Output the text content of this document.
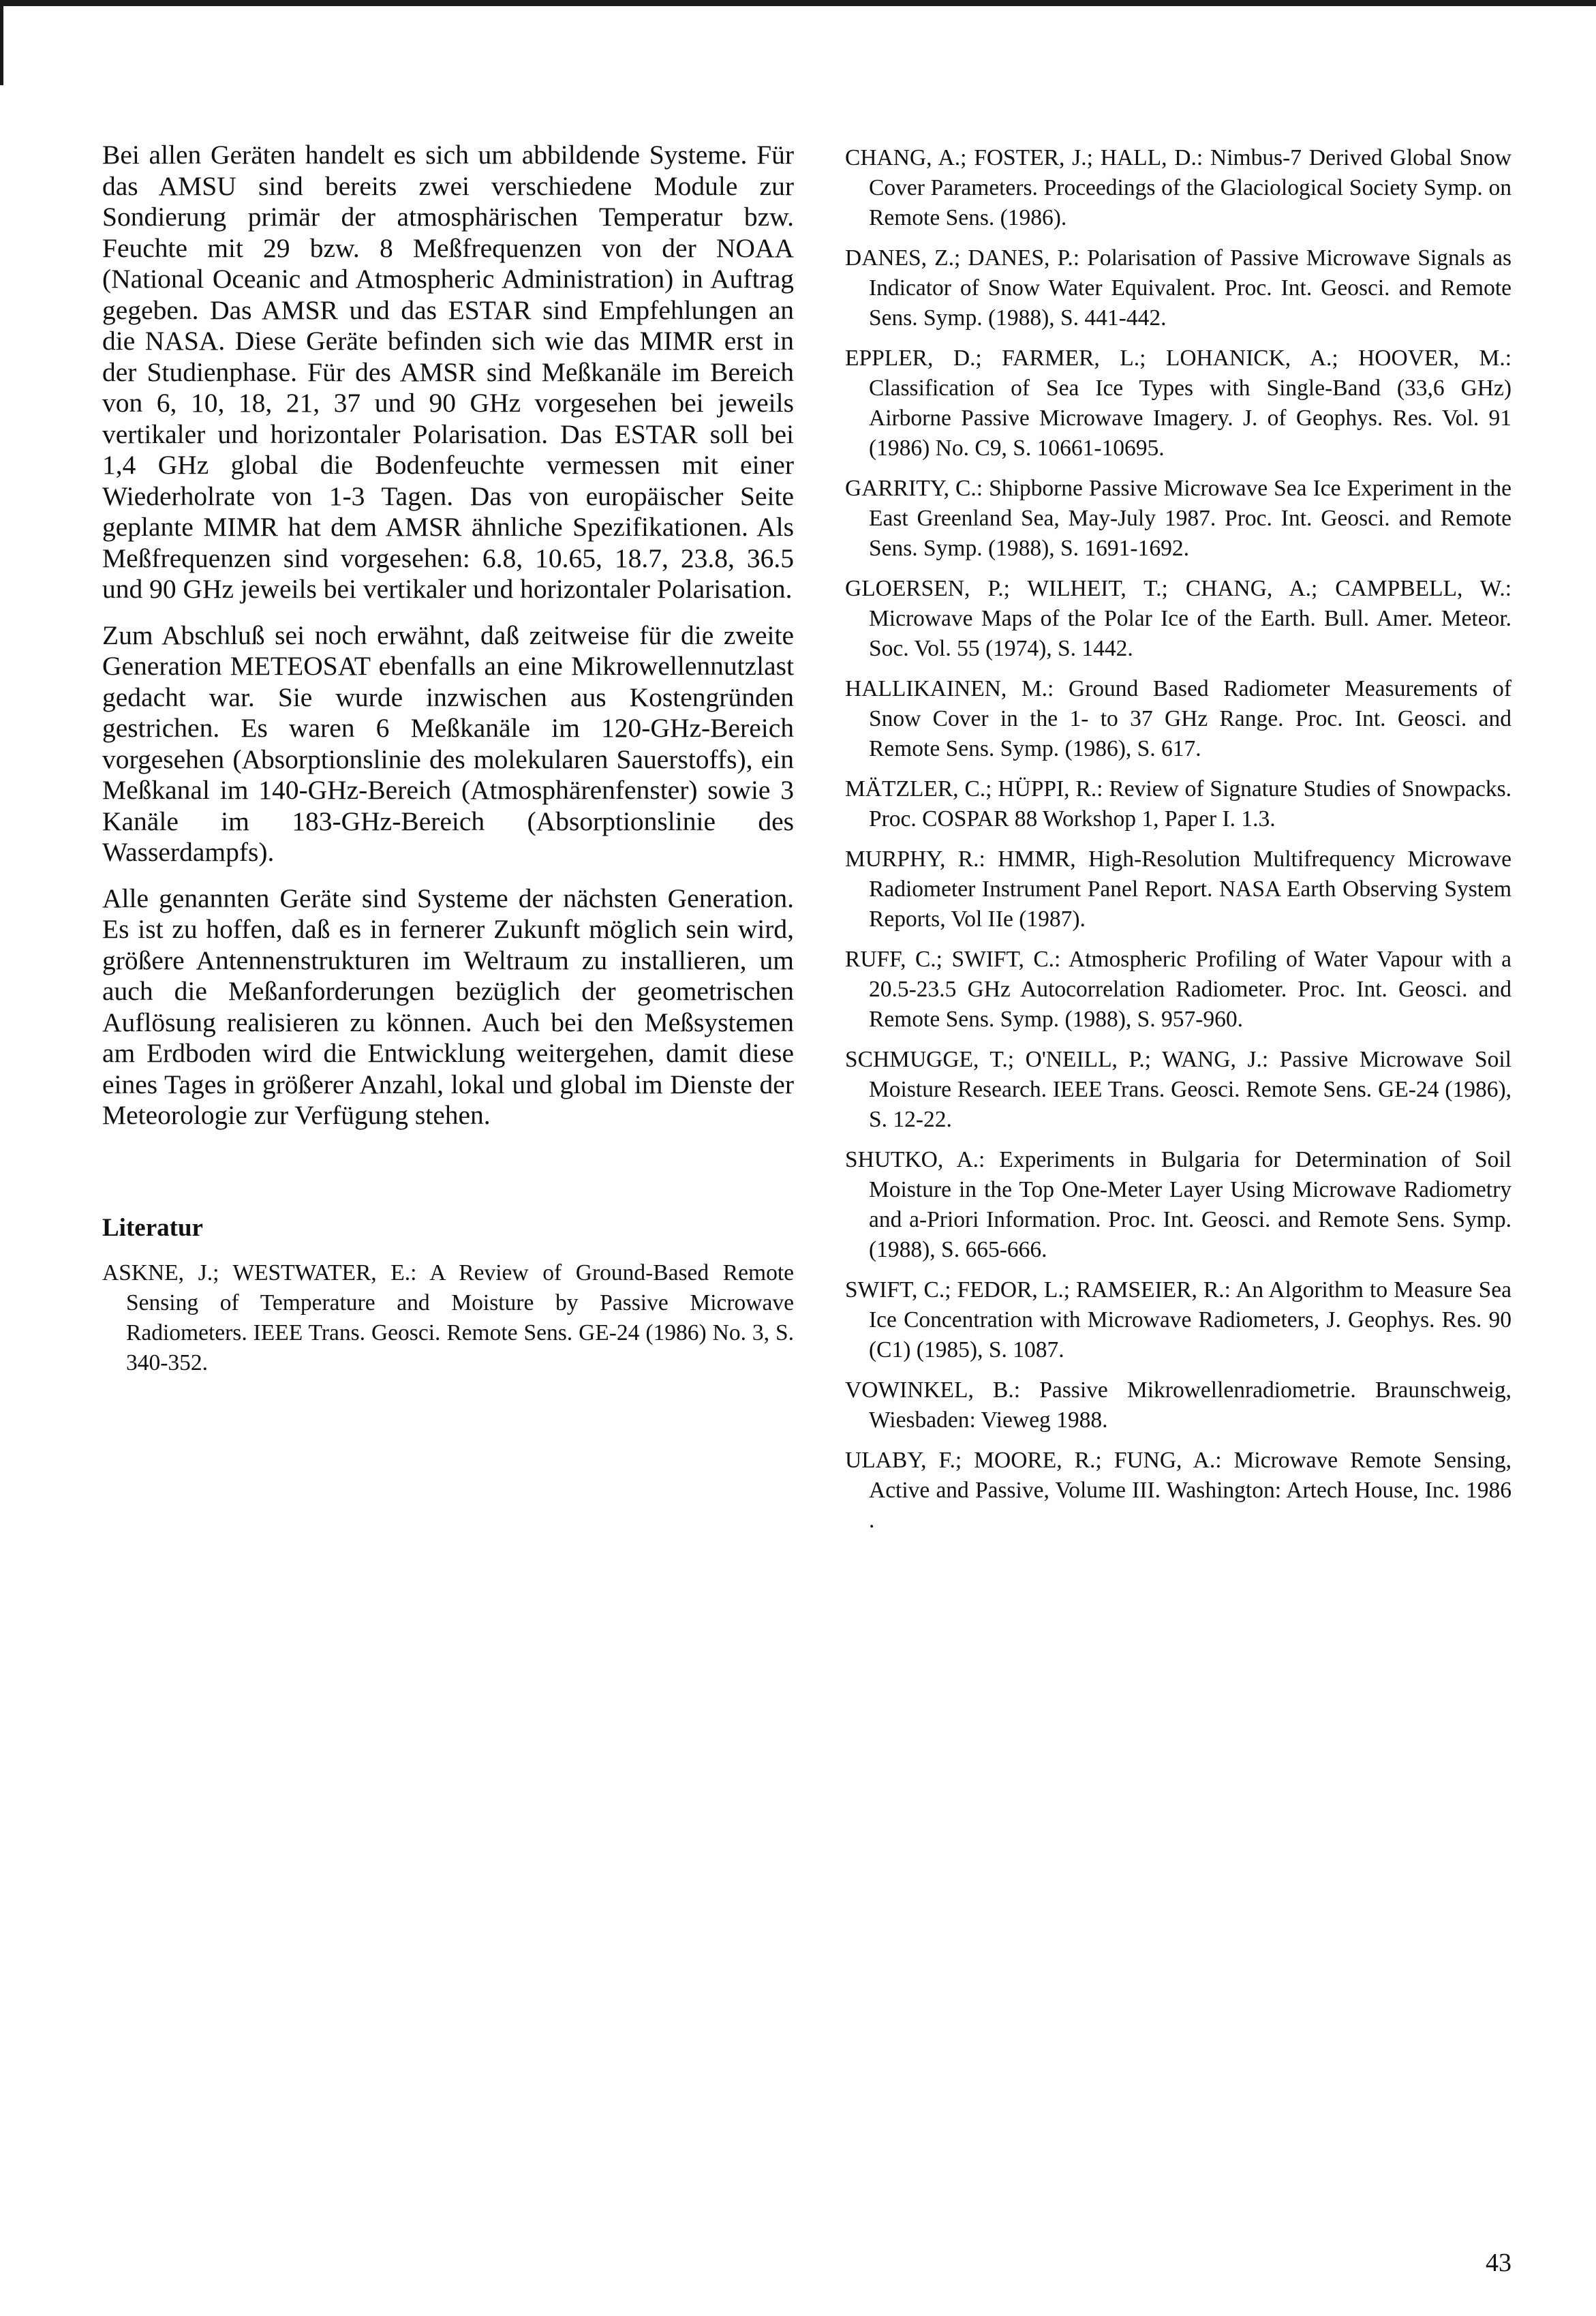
Bei allen Geräten handelt es sich um abbildende Systeme. Für das AMSU sind bereits zwei verschiedene Module zur Sondierung primär der atmosphärischen Temperatur bzw. Feuchte mit 29 bzw. 8 Meßfrequenzen von der NOAA (National Oceanic and Atmospheric Administration) in Auftrag gegeben. Das AMSR und das ESTAR sind Empfehlungen an die NASA. Diese Geräte befinden sich wie das MIMR erst in der Studienphase. Für des AMSR sind Meßkanäle im Bereich von 6, 10, 18, 21, 37 und 90 GHz vorgesehen bei jeweils vertikaler und horizontaler Polarisation. Das ESTAR soll bei 1,4 GHz global die Bodenfeuchte vermessen mit einer Wiederholrate von 1-3 Tagen. Das von europäischer Seite geplante MIMR hat dem AMSR ähnliche Spezifikationen. Als Meßfrequenzen sind vorgesehen: 6.8, 10.65, 18.7, 23.8, 36.5 und 90 GHz jeweils bei vertikaler und horizontaler Polarisation.

Zum Abschluß sei noch erwähnt, daß zeitweise für die zweite Generation METEOSAT ebenfalls an eine Mikrowellennutzlast gedacht war. Sie wurde inzwischen aus Kostengründen gestrichen. Es waren 6 Meßkanäle im 120-GHz-Bereich vorgesehen (Absorptionslinie des molekularen Sauerstoffs), ein Meßkanal im 140-GHz-Bereich (Atmosphärenfenster) sowie 3 Kanäle im 183-GHz-Bereich (Absorptionslinie des Wasserdampfs).

Alle genannten Geräte sind Systeme der nächsten Generation. Es ist zu hoffen, daß es in fernerer Zukunft möglich sein wird, größere Antennenstrukturen im Weltraum zu installieren, um auch die Meßanforderungen bezüglich der geometrischen Auflösung realisieren zu können. Auch bei den Meßsystemen am Erdboden wird die Entwicklung weitergehen, damit diese eines Tages in größerer Anzahl, lokal und global im Dienste der Meteorologie zur Verfügung stehen.

Literatur

ASKNE, J.; WESTWATER, E.: A Review of Ground-Based Remote Sensing of Temperature and Moisture by Passive Microwave Radiometers. IEEE Trans. Geosci. Remote Sens. GE-24 (1986) No. 3, S. 340-352.

CHANG, A.; FOSTER, J.; HALL, D.: Nimbus-7 Derived Global Snow Cover Parameters. Proceedings of the Glaciological Society Symp. on Remote Sens. (1986).

DANES, Z.; DANES, P.: Polarisation of Passive Microwave Signals as Indicator of Snow Water Equivalent. Proc. Int. Geosci. and Remote Sens. Symp. (1988), S. 441-442.

EPPLER, D.; FARMER, L.; LOHANICK, A.; HOOVER, M.: Classification of Sea Ice Types with Single-Band (33,6 GHz) Airborne Passive Microwave Imagery. J. of Geophys. Res. Vol. 91 (1986) No. C9, S. 10661-10695.

GARRITY, C.: Shipborne Passive Microwave Sea Ice Experiment in the East Greenland Sea, May-July 1987. Proc. Int. Geosci. and Remote Sens. Symp. (1988), S. 1691-1692.

GLOERSEN, P.; WILHEIT, T.; CHANG, A.; CAMPBELL, W.: Microwave Maps of the Polar Ice of the Earth. Bull. Amer. Meteor. Soc. Vol. 55 (1974), S. 1442.

HALLIKAINEN, M.: Ground Based Radiometer Measurements of Snow Cover in the 1- to 37 GHz Range. Proc. Int. Geosci. and Remote Sens. Symp. (1986), S. 617.

MÄTZLER, C.; HÜPPI, R.: Review of Signature Studies of Snowpacks. Proc. COSPAR 88 Workshop 1, Paper I. 1.3.

MURPHY, R.: HMMR, High-Resolution Multifrequency Microwave Radiometer Instrument Panel Report. NASA Earth Observing System Reports, Vol IIe (1987).

RUFF, C.; SWIFT, C.: Atmospheric Profiling of Water Vapour with a 20.5-23.5 GHz Autocorrelation Radiometer. Proc. Int. Geosci. and Remote Sens. Symp. (1988), S. 957-960.

SCHMUGGE, T.; O'NEILL, P.; WANG, J.: Passive Microwave Soil Moisture Research. IEEE Trans. Geosci. Remote Sens. GE-24 (1986), S. 12-22.

SHUTKO, A.: Experiments in Bulgaria for Determination of Soil Moisture in the Top One-Meter Layer Using Microwave Radiometry and a-Priori Information. Proc. Int. Geosci. and Remote Sens. Symp. (1988), S. 665-666.

SWIFT, C.; FEDOR, L.; RAMSEIER, R.: An Algorithm to Measure Sea Ice Concentration with Microwave Radiometers, J. Geophys. Res. 90 (C1) (1985), S. 1087.

VOWINKEL, B.: Passive Mikrowellenradiometrie. Braunschweig, Wiesbaden: Vieweg 1988.

ULABY, F.; MOORE, R.; FUNG, A.: Microwave Remote Sensing, Active and Passive, Volume III. Washington: Artech House, Inc. 1986 .

43
